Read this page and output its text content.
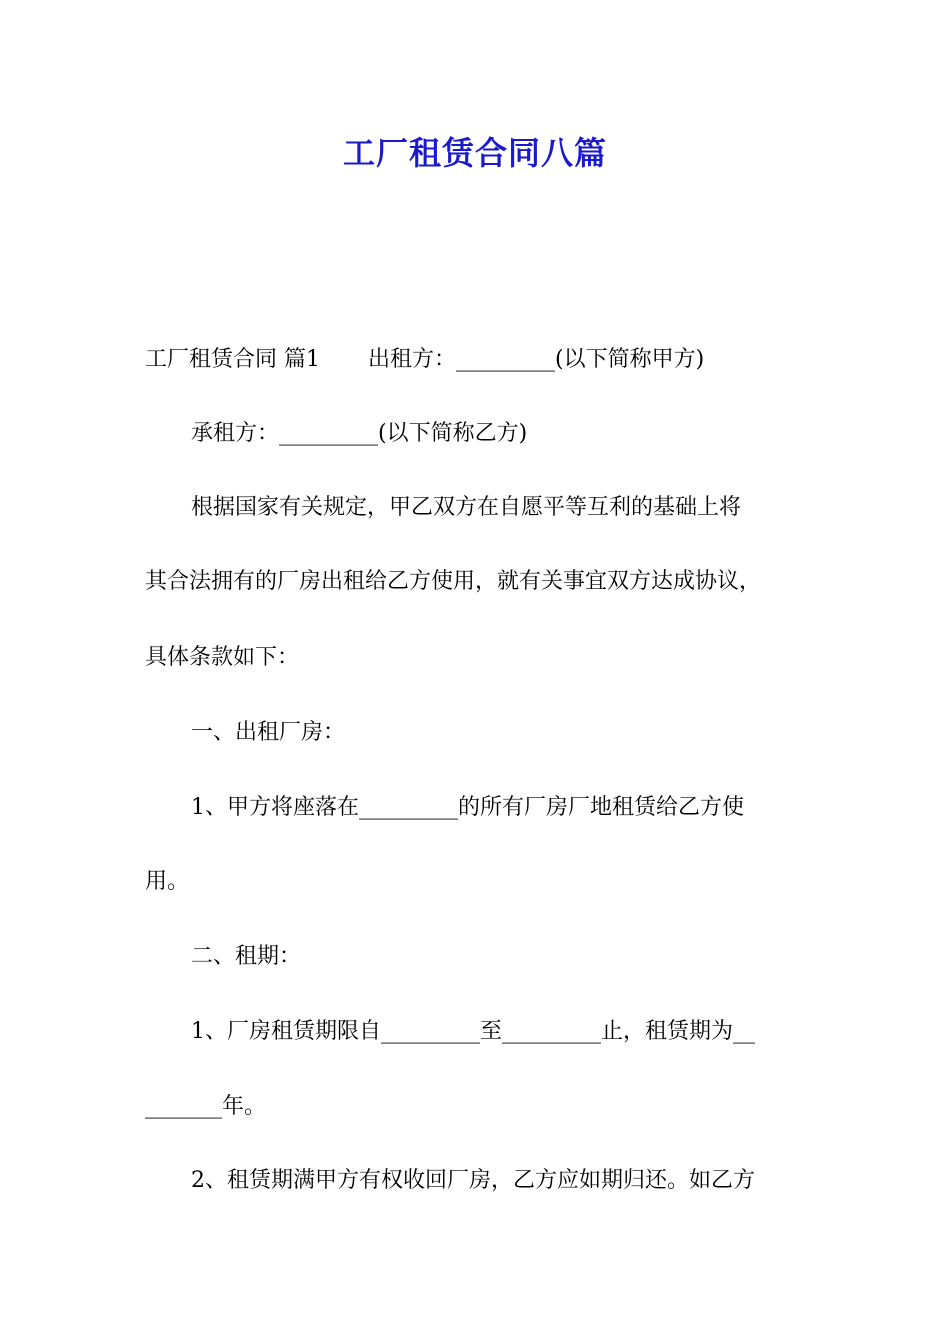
工厂租赁合同八篇
工厂租赁合同 篇1 出租方：_________(以下简称甲方)
承租方：_________(以下简称乙方)
根据国家有关规定，甲乙双方在自愿平等互利的基础上将
其合法拥有的厂房出租给乙方使用，就有关事宜双方达成协议，
具体条款如下：
一、出租厂房：
1、甲方将座落在_________的所有厂房厂地租赁给乙方使
用。
二、租期：
1、厂房租赁期限自_________至_________止，租赁期为__
_______年。
2、租赁期满甲方有权收回厂房，乙方应如期归还。如乙方
